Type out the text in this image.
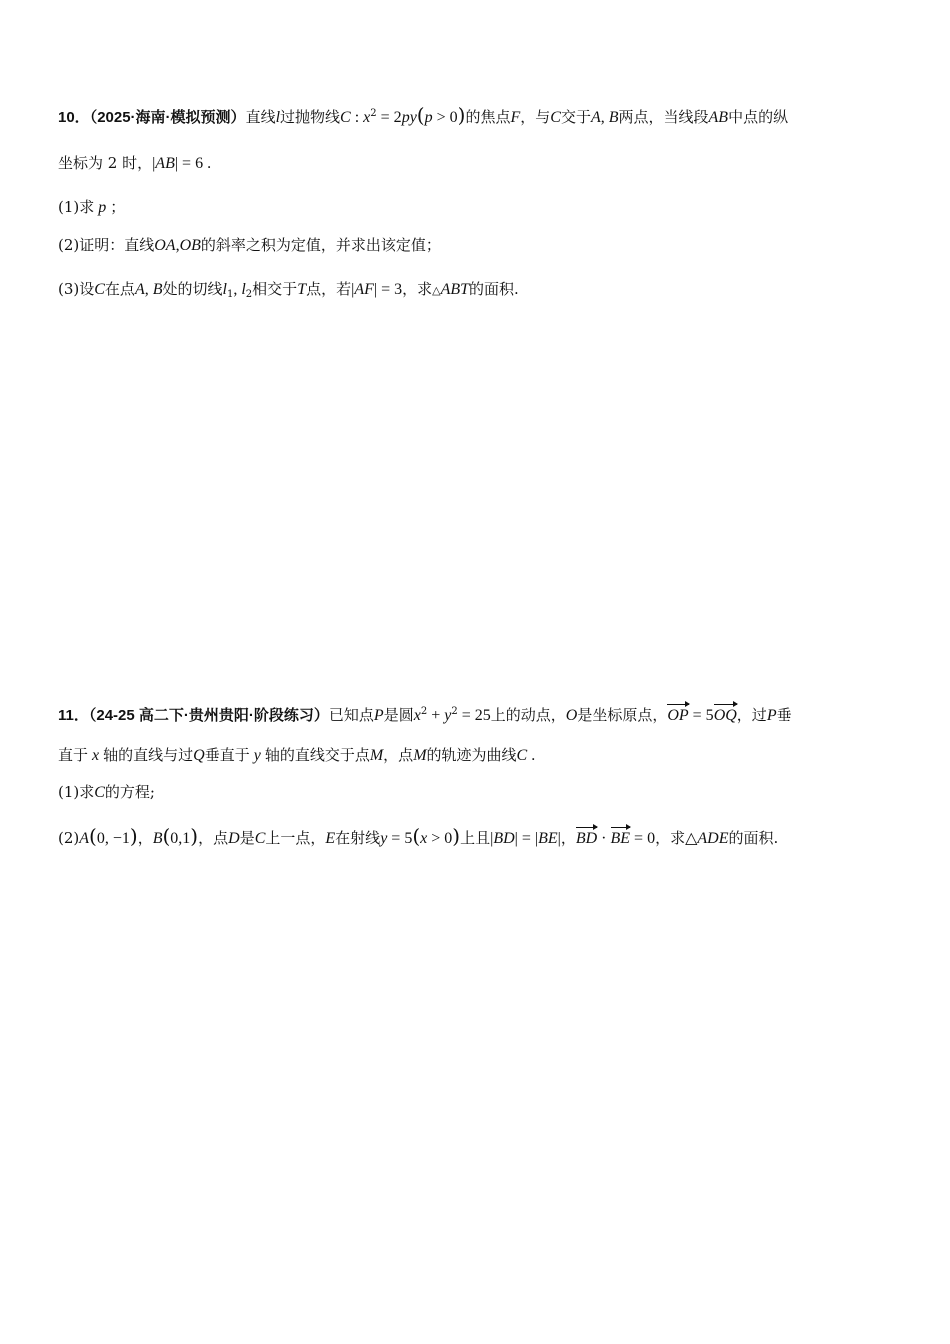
10．（2025·海南·模拟预测）直线l过抛物线C : $x^2 = 2py(p > 0)$的焦点F，与C交于A, B两点，当线段AB中点的纵
坐标为 2 时，|AB| = 6 .
(1)求 p ；
(2)证明：直线OA,OB的斜率之积为定值，并求出该定值；
(3)设C在点A, B处的切线$l_1$, $l_2$相交于T点，若|AF| = 3，求△ABT的面积.
11．（24-25 高二下·贵州贵阳·阶段练习）已知点P是圆$x^2 + y^2 = 25$上的动点，O是坐标原点，OP = 5OQ，过P垂
直于 x 轴的直线与过Q垂直于 y 轴的直线交于点M，点M的轨迹为曲线C .
(1)求C的方程;
(2)A(0, −1)，B(0,1)，点D是C上一点，E在射线y = 5(x > 0)上且|BD| = |BE|，BD · BE = 0，求△ADE的面积.
